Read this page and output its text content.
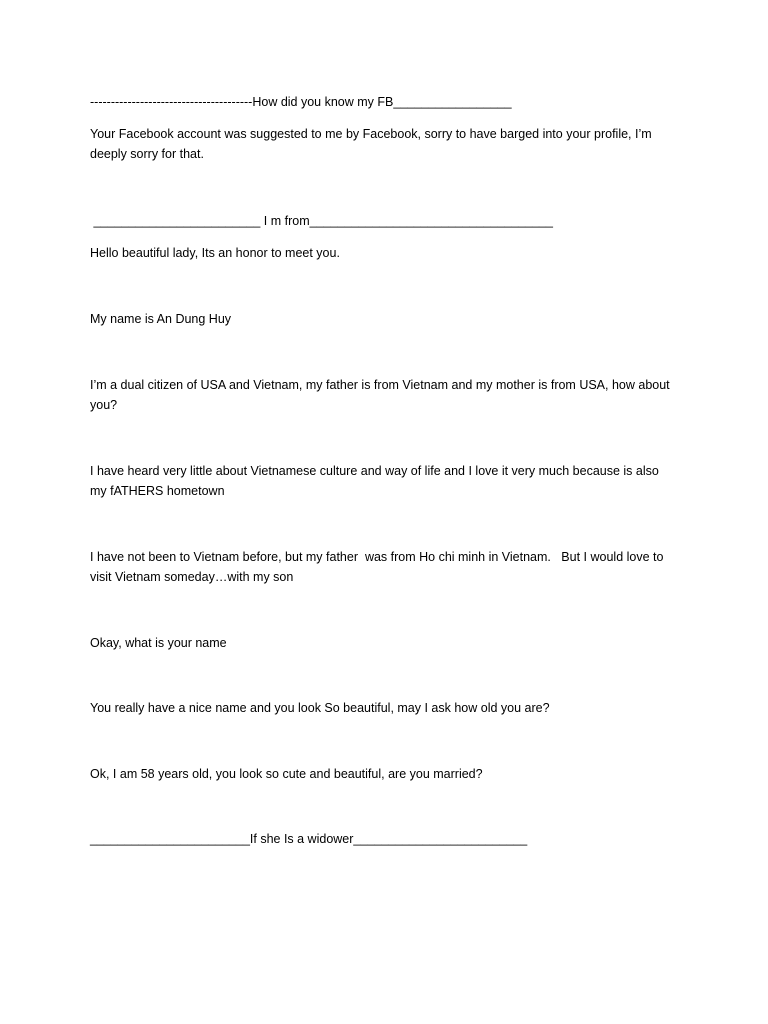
---------------------------------------How did you know my FB_________________

Your Facebook account was suggested to me by Facebook, sorry to have barged into your profile, I’m
deeply sorry for that.

________________________ I m from___________________________________

Hello beautiful lady, Its an honor to meet you.

My name is An Dung Huy

I’m a dual citizen of USA and Vietnam, my father is from Vietnam and my mother is from USA, how about
you?

I have heard very little about Vietnamese culture and way of life and I love it very much because is also
my fATHERS hometown

I have not been to Vietnam before, but my father  was from Ho chi minh in Vietnam.   But I would love to
visit Vietnam someday…with my son

Okay, what is your name

You really have a nice name and you look So beautiful, may I ask how old you are?

Ok, I am 58 years old, you look so cute and beautiful, are you married?

_______________________If she Is a widower_________________________
